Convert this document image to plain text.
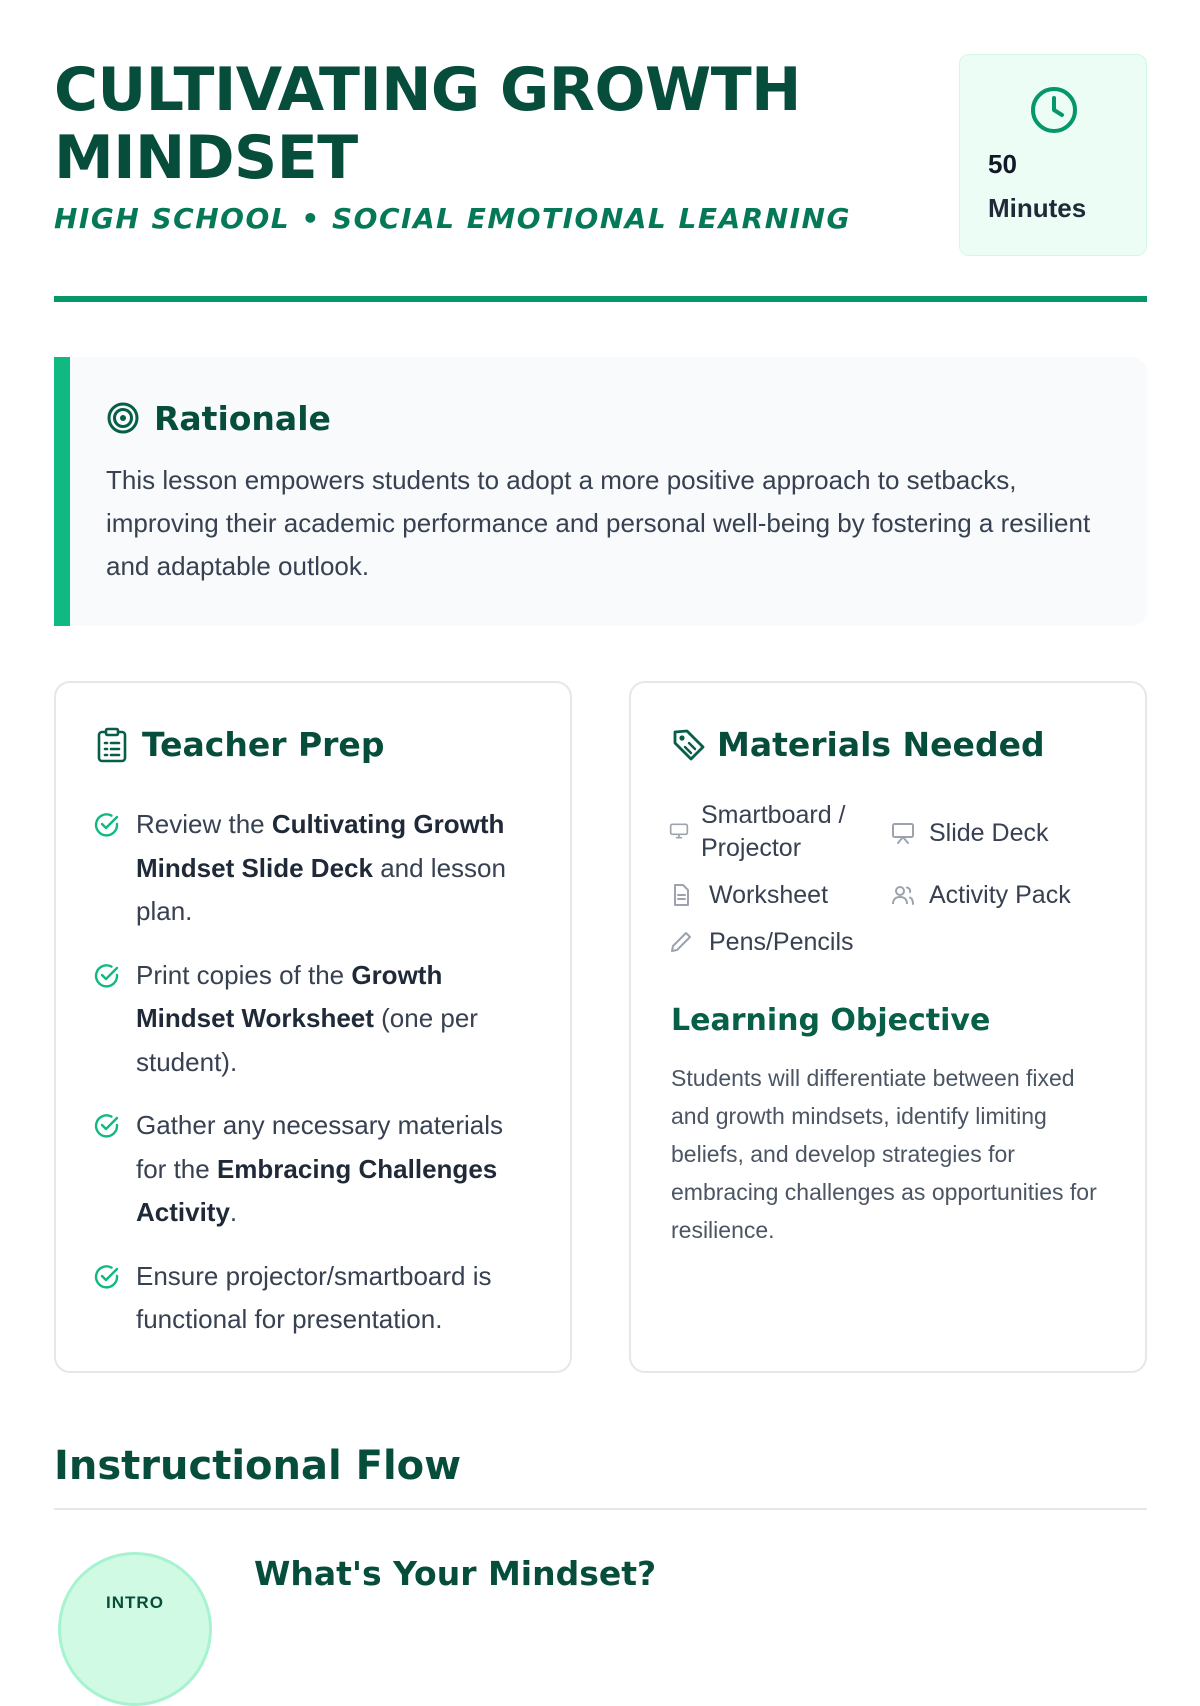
CULTIVATING GROWTH MINDSET
HIGH SCHOOL • SOCIAL EMOTIONAL LEARNING
50
Minutes
Rationale

This lesson empowers students to adopt a more positive approach to setbacks, improving their academic performance and personal well-being by fostering a resilient and adaptable outlook.

Teacher Prep
Review the Cultivating Growth Mindset Slide Deck and lesson plan.
Print copies of the Growth Mindset Worksheet (one per student).
Gather any necessary materials for the Embracing Challenges Activity.
Ensure projector/smartboard is functional for presentation.
Materials Needed
Smartboard / Projector
Slide Deck
Worksheet	Activity Pack
Pens/Pencils
Learning Objective

Students will differentiate between fixed and growth mindsets, identify limiting beliefs, and develop strategies for embracing challenges as opportunities for resilience.

Instructional Flow
INTRO
What's Your Mindset?
